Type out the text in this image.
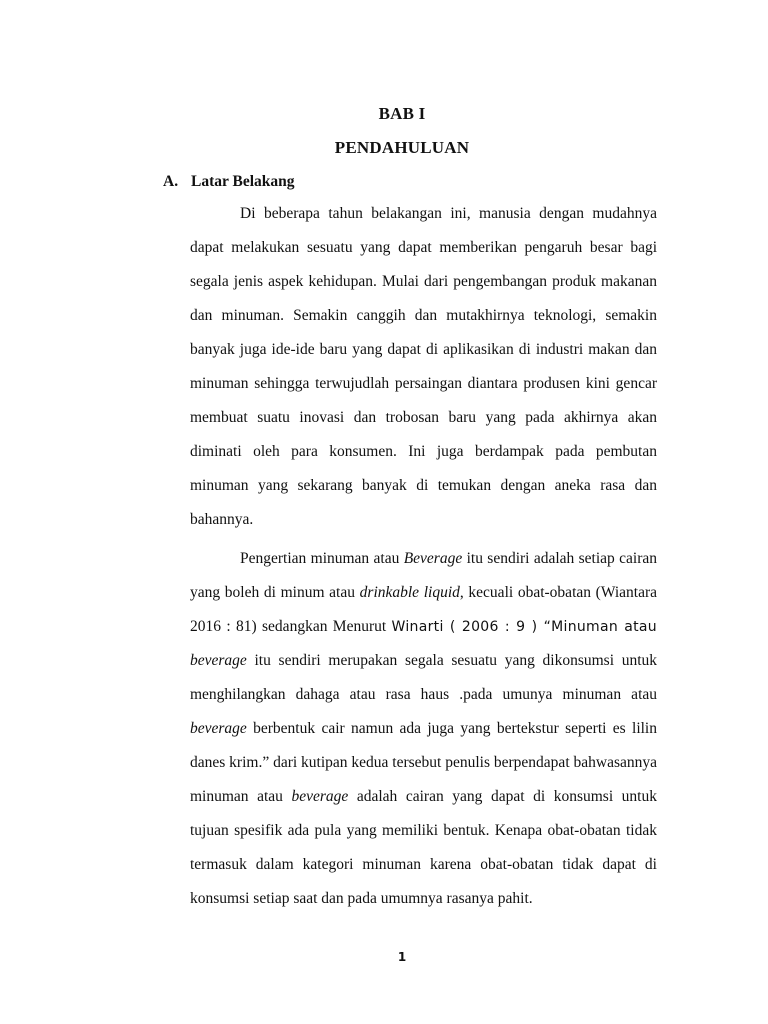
BAB I
PENDAHULUAN
A. Latar Belakang

Di beberapa tahun belakangan ini, manusia dengan mudahnya dapat melakukan sesuatu yang dapat memberikan pengaruh besar bagi segala jenis aspek kehidupan. Mulai dari pengembangan produk makanan dan minuman. Semakin canggih dan mutakhirnya teknologi, semakin banyak juga ide-ide baru yang dapat di aplikasikan di industri makan dan minuman sehingga terwujudlah persaingan diantara produsen kini gencar membuat suatu inovasi dan trobosan baru yang pada akhirnya akan diminati oleh para konsumen. Ini juga berdampak pada pembutan minuman yang sekarang banyak di temukan dengan aneka rasa dan bahannya.

Pengertian minuman atau Beverage itu sendiri adalah setiap cairan yang boleh di minum atau drinkable liquid, kecuali obat-obatan (Wiantara 2016 : 81) sedangkan Menurut Winarti ( 2006 : 9 ) “Minuman atau beverage itu sendiri merupakan segala sesuatu yang dikonsumsi untuk menghilangkan dahaga atau rasa haus .pada umunya minuman atau beverage berbentuk cair namun ada juga yang bertekstur seperti es lilin danes krim.” dari kutipan kedua tersebut penulis berpendapat bahwasannya minuman atau beverage adalah cairan yang dapat di konsumsi untuk tujuan spesifik ada pula yang memiliki bentuk. Kenapa obat-obatan tidak termasuk dalam kategori minuman karena obat-obatan tidak dapat di konsumsi setiap saat dan pada umumnya rasanya pahit.

1
